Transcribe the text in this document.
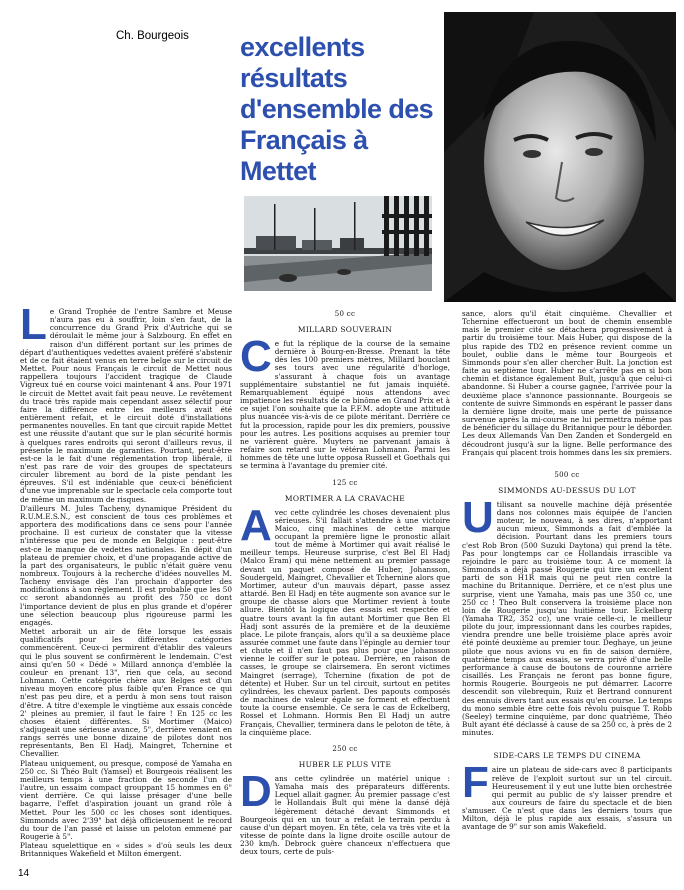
Ch. Bourgeois excellents résultats d'ensemble des Français à Mettet

Le Grand Trophée de l'entre Sambre et Meuse n'aura pas eu à souffrir, loin s'en faut, de la concurrence du Grand Prix d'Autriche qui se déroulait le même jour à Salzbourg. En effet en raison d'un différent portant sur les primes de départ d'authentiques vedettes avaient préféré s'abstenir et de ce fait étaient venus en terre belge sur le circuit de Mettet. Pour nous Français le circuit de Mettet nous rappellera toujours l'accident tragique de Claude Vigreux tué en course voici maintenant 4 ans. Pour 1971 le circuit de Mettet avait fait peau neuve. Le revêtement du tracé très rapide mais cependant assez sélectif pour faire la différence entre les meilleurs avait été entièrement refait, et le circuit doté d'installations permanentes nouvelles. En tant que circuit rapide Mettet est une réussite d'autant que sur le plan sécurité hormis à quelques rares endroits qui seront d'ailleurs revus, il présente le maximum de garanties. Pourtant, peut-être est-ce la le fait d'une réglementation trop libérale, il n'est pas rare de voir des groupes de spectateurs circuler librement au bord de la piste pendant les épreuves. S'il est indéniable que ceux-ci bénéficient d'une vue imprenable sur le spectacle cela comporte tout de même un maximum de risques.

D'ailleurs M. Jules Tacheny, dynamique Président du R.U.M.E.S.N., est conscient de tous ces problèmes et apportera des modifications dans ce sens pour l'année prochaine. Il est curieux de constater que la vitesse n'intéresse que peu de monde en Belgique : peut-être est-ce le manque de vedettes nationales. En dépit d'un plateau de premier choix, et d'une propagande active de la part des organisateurs, le public n'était guère venu nombreux. Toujours à la recherche d'idées nouvelles M. Tacheny envisage dès l'an prochain d'apporter des modifications à son règlement. Il est probable que les 50 cc seront abandonnés au profit des 750 cc dont l'importance devient de plus en plus grande et d'opérer une sélection beaucoup plus rigoureuse parmi les engagés.

Mettet arborait un air de fête lorsque les essais qualificatifs pour les différentes catégories commencèrent. Ceux-ci permirent d'établir des valeurs qui le plus souvent se confirmèrent le lendemain. C'est ainsi qu'en 50 « Dédé » Millard annonça d'emblée la couleur en prenant 13", rien que cela, au second Lohmann. Cette catégorie chère aux Belges est d'un niveau moyen encore plus faible qu'en France ce qui n'est pas peu dire, et a perdu à mon sens tout raison d'être. A titre d'exemple le vingtième aux essais concède 2' pleines au premier, il faut le faire ! En 125 cc les choses étaient différentes. Si Mortimer (Maico) s'adjugeait une sérieuse avance, 5", derrière venaient en rangs serrés une bonne dizaine de pilotes dont nos représentants, Ben El Hadj, Maingret, Tchernine et Chevallier.

Plateau uniquement, ou presque, composé de Yamaha en 250 cc. Si Théo Bult (Yamsel) et Bourgeois réalisent les meilleurs temps à une fraction de seconde l'un de l'autre, un essaim compact grouppant 15 hommes en 6" vient derrière. Ce qui laisse présager d'une belle bagarre, l'effet d'aspiration jouant un grand rôle à Mettet. Pour les 500 cc les choses sont identiques. Simmonds avec 2'39" bat déjà officieusement le record du tour de l'an passé et laisse un peloton emmené par Rougerie à 5".

Plateau squelettique en « sides » d'où seuls les deux Britanniques Wakefield et Milton émergent.

50 cc
MILLARD SOUVERAIN

Ce fut la réplique de la course de la semaine dernière à Bourg-en-Bresse. Prenant la tête dès les 100 premiers mètres, Millard bouclant ses tours avec une régularité d'horloge, s'assurant à chaque fois un avantage supplémentaire substantiel ne fut jamais inquiété. Remarquablement équipé nous attendons avec impatience les résultats de ce binôme en Grand Prix et à ce sujet l'on souhaite que la F.F.M. adopte une attitude plus nuancée vis-à-vis de ce pilote méritant. Derrière ce fut la procession, rapide pour les dix premiers, poussive pour les autres. Les positions acquises au premier tour ne varièrent guère. Muyters ne parvenant jamais à refaire son retard sur le vétéran Lohmann. Parmi les hommes de tête une lutte opposa Russell et Goethals qui se termina à l'avantage du premier cité.

125 cc
MORTIMER A LA CRAVACHE

Avec cette cylindrée les choses devenaient plus sérieuses. S'il fallait s'attendre à une victoire Maico, cinq machines de cette marque occupant la première ligne le pronostic allait tout de même à Mortimer qui avait réalisé le meilleur temps. Heureuse surprise, c'est Bel El Hadj (Malco Eram) qui mène nettement au premier passage devant un paquet composé de Huber, Johansson, Soudergeld, Maingret, Chevallier et Tchernine alors que Mortimer, auteur d'un mauvais départ, passe assez attardé. Ben El Hadj en tête augmente son avance sur le groupe de chasse alors que Mortimer revient à toute allure. Bientôt la logique des essais est respectée et quatre tours avant la fin autant Mortimer que Ben El Hadj sont assurés de la première et de la deuxième place. Le pilote français, alors qu'il a sa deuxième place assurée commet une faute dans l'épingle au dernier tour et chute et il n'en faut pas plus pour que Johansson vienne le coiffer sur le poteau. Derrière, en raison de casses, le groupe se clairsemera. En seront victimes Maingret (serrage), Tchernine (fixation de pot de détente) et Huber. Sur un tel circuit, surtout en petites cylindrées, les chevaux parlent. Des papouts composés de machines de valeur égale se forment et effectuent toute la course ensemble. Ce sera le cas de Eckelberg, Rossel et Lohmann. Hormis Ben El Hadj un autre Français, Chevallier, terminera dans le peloton de tête, à la cinquième place.

250 cc
HUBER LE PLUS VITE

Dans cette cylindrée un matériel unique : Yamaha mais des préparateurs différents. Lequel allait gagner. Au premier passage c'est le Hollandais Bult qui mène la dansé déjà légèrement détaché devant Simmonds et Bourgeois qui en un tour a refait le terrain perdu à cause d'un départ moyen. En tête, cela va très vite et la vitesse de pointe dans la ligne droite oscille autour de 230 km/h. Debrock guère chanceux n'effectuera que deux tours, certe de puls-

sance, alors qu'il était cinquième. Chevallier et Tchernine effectueront un bout de chemin ensemble mais le premier cité se détachera progressivement à partir du troisième tour. Mais Huber, qui dispose de la plus rapide des TD2 en présence revient comme un boulet, oublie dans le même tour Bourgeois et Simmonds pour s'en aller chercher Bult. La jonction est faite au septième tour. Huber ne s'arrête pas en si bon chemin et distance également Bult, jusqu'à que celui-ci abandonne. Si Huber a course gagnée, l'arrivée pour la deuxième place s'annonce passionnante. Bourgeois se contente de suivre Simmonds en espérant le passer dans la dernière ligne droite, mais une perte de puissance survenue après la mi-course ne lui permettra même pas de bénéficier du sillage du Britannique pour le déborder. Les deux Allemands Van Den Zanden et Sondergeld en découdront jusqu'à sur la ligne. Belle performance des Français qui placent trois hommes dans les six premiers.

500 cc
SIMMONDS AU-DESSUS DU LOT

Utilisant sa nouvelle machine déjà présentée dans nos colonnes mais équipée de l'ancien moteur, le nouveau, à ses dires, n'apportant aucun mieux, Simmonds a fait d'emblée la décision. Pourtant dans les premiers tours c'est Rob Bron (500 Suzuki Daytona) qui prend la tête. Pas pour longtemps car ce Hollandais irrascible va rejoindre le parc au troisième tour. A ce moment là Simmonds a déjà passé Rougerie qui tire un excellent parti de son H1R mais qui ne peut rien contre la machine du Britannique. Derrière, et ce n'est plus une surprise, vient une Yamaha, mais pas une 350 cc, une 250 cc ! Theo Bult conservera la troisième place non loin de Rougerie jusqu'au huitième tour. Eckelberg (Yamaha TR2, 352 cc), une vraie celle-ci, le meilleur pilote du jour, impressionnant dans les courbes rapides, viendra prendre une belle troisième place après avoir été pointé deuxième au premier tour. Deghaye, un jeune pilote que nous avions vu en fin de saison dernière, quatrième temps aux essais, se verra privé d'une belle performance à cause de boutons de couronne arrière cisaillés. Les Français ne feront pas bonne figure, hormis Rougerie. Bourgeois ne put démarrer. Lacorre descendit son vilebrequin, Ruiz et Bertrand connurent des ennuis divers tant aux essais qu'en course. Le temps du mono semble être cette fois révolu puisque T. Robb (Seeley) termine cinquième, par donc quatrième, Théo Bult ayant été déclassé à cause de sa 250 cc, à près de 2 minutes.

SIDE-CARS LE TEMPS DU CINEMA

Faire un plateau de side-cars avec 8 participants relève de l'exploit surtout sur un tel circuit. Heureusement il y eut une lutte bien orchestrée qui permit au public de s'y laisser prendre et aux coureurs de faire du spectacle et de bien s'amuser. Ce n'est que dans les derniers tours que Milton, déjà le plus rapide aux essais, s'assura un avantage de 9" sur son amis Wakefield.

14
